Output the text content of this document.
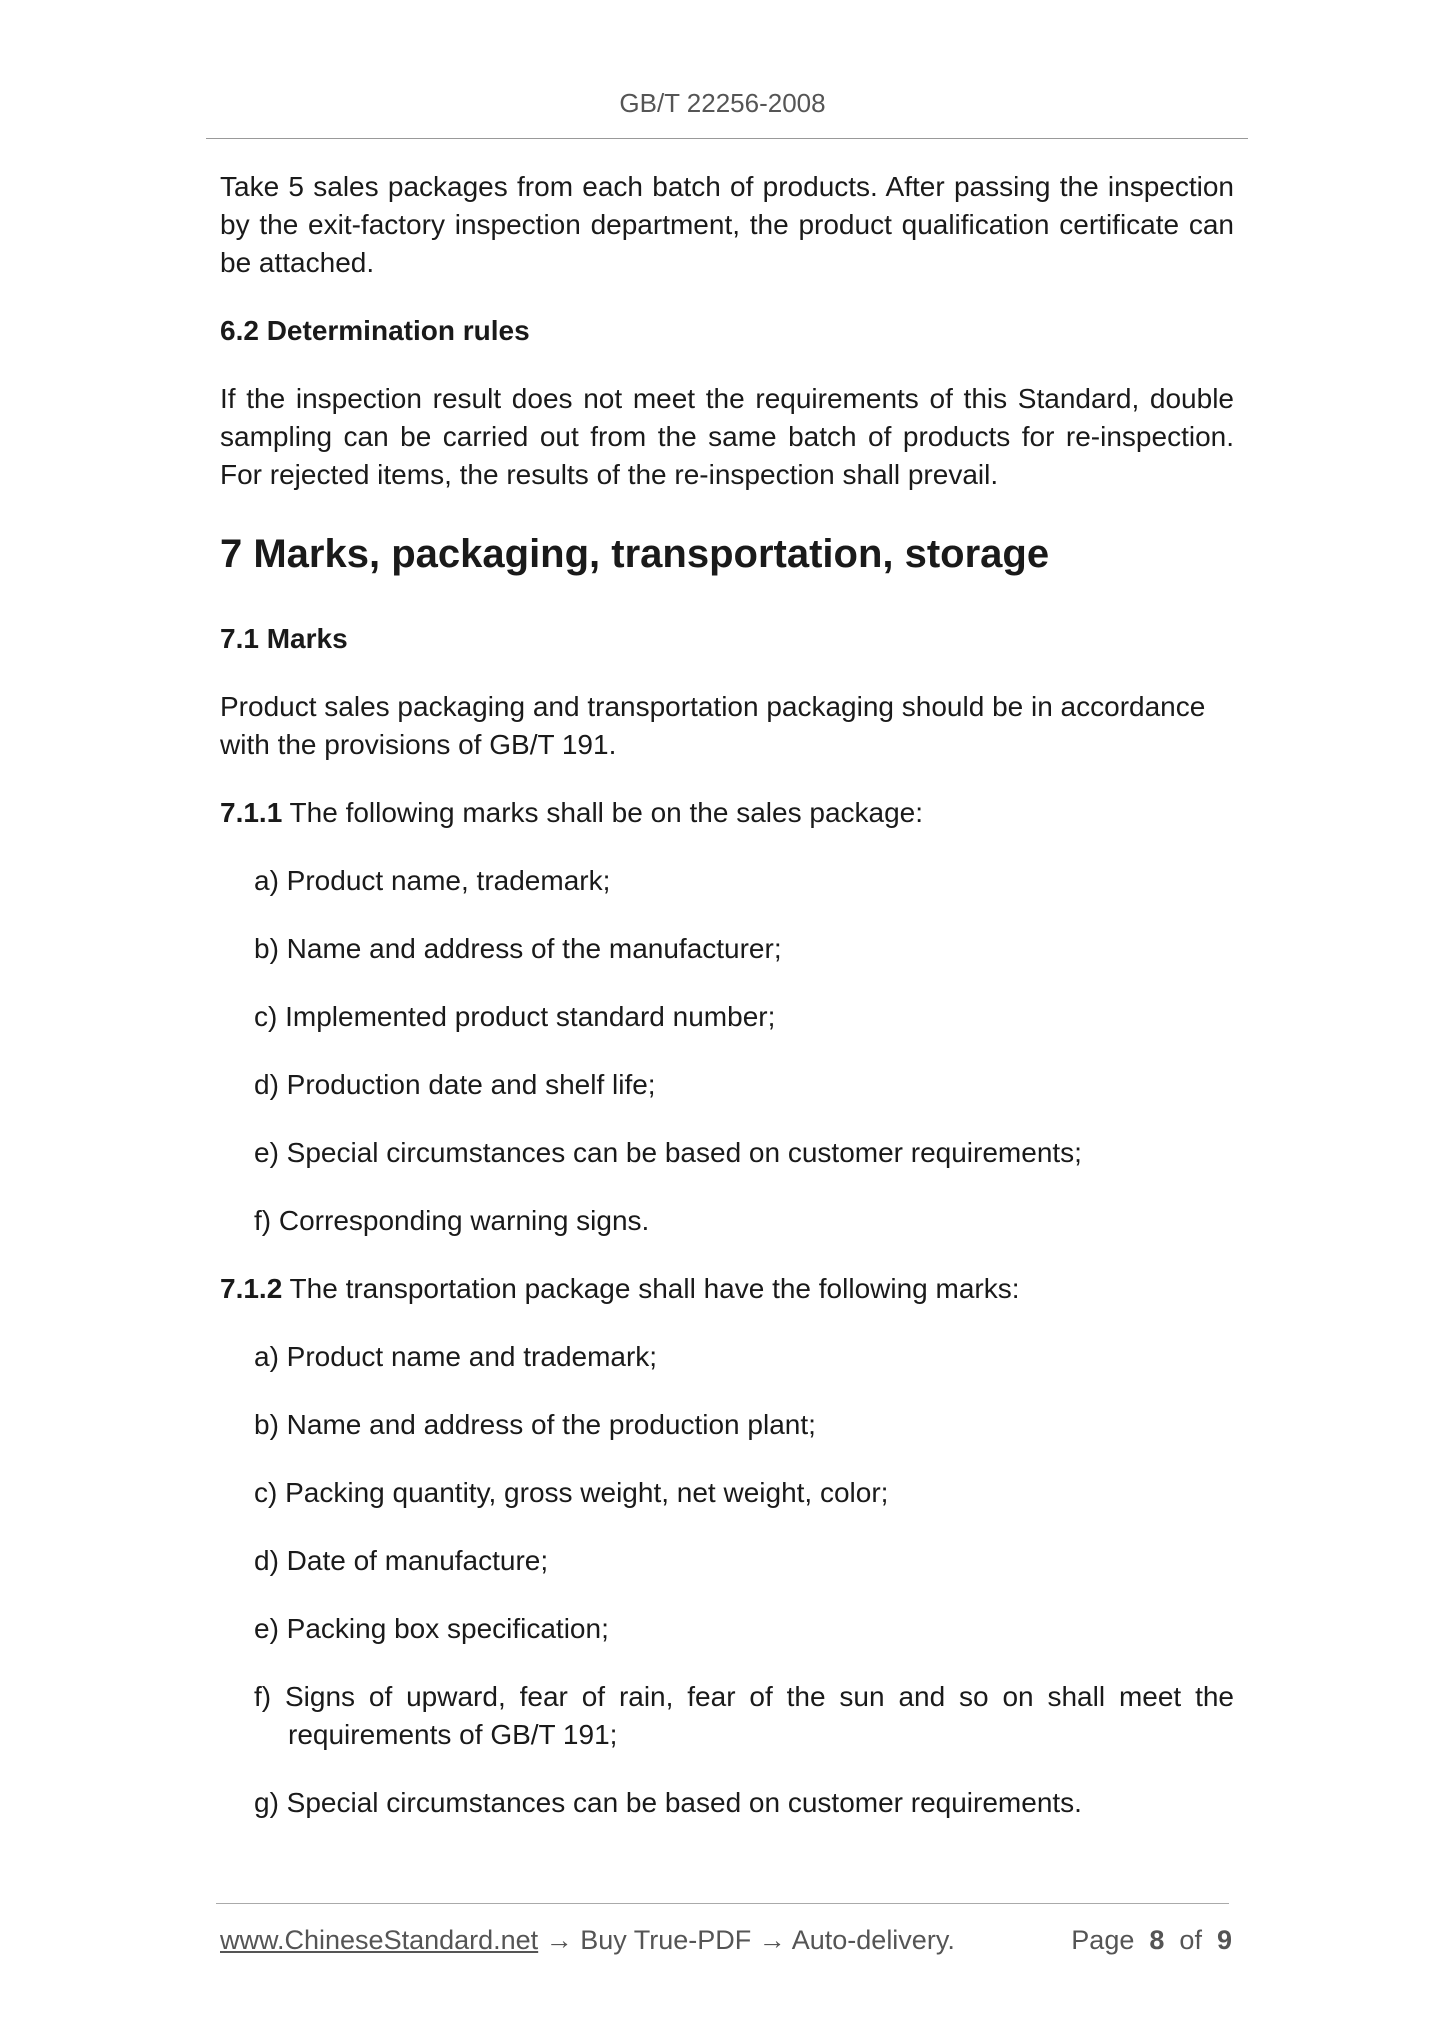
GB/T 22256-2008

Take 5 sales packages from each batch of products. After passing the inspection by the exit-factory inspection department, the product qualification certificate can be attached.

6.2 Determination rules

If the inspection result does not meet the requirements of this Standard, double sampling can be carried out from the same batch of products for re-inspection. For rejected items, the results of the re-inspection shall prevail.

7 Marks, packaging, transportation, storage
7.1 Marks

Product sales packaging and transportation packaging should be in accordance with the provisions of GB/T 191.

7.1.1 The following marks shall be on the sales package:

a) Product name, trademark;

b) Name and address of the manufacturer;

c) Implemented product standard number;

d) Production date and shelf life;

e) Special circumstances can be based on customer requirements;

f) Corresponding warning signs.

7.1.2 The transportation package shall have the following marks:

a) Product name and trademark;

b) Name and address of the production plant;

c) Packing quantity, gross weight, net weight, color;

d) Date of manufacture;

e) Packing box specification;

f) Signs of upward, fear of rain, fear of the sun and so on shall meet the requirements of GB/T 191;

g) Special circumstances can be based on customer requirements.

www.ChineseStandard.net → Buy True-PDF → Auto-delivery.	Page 8 of 9
